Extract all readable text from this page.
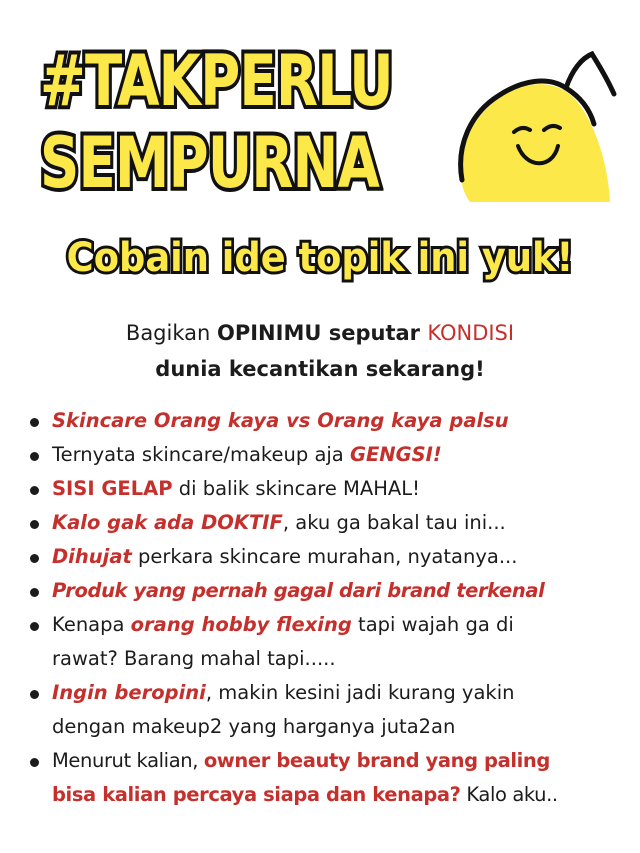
#TAKPERLU
SEMPURNA
Cobain ide topik ini yuk!
Bagikan OPINIMU seputar KONDISI
dunia kecantikan sekarang!
Skincare Orang kaya vs Orang kaya palsu
Ternyata skincare/makeup aja GENGSI!
SISI GELAP di balik skincare MAHAL!
Kalo gak ada DOKTIF, aku ga bakal tau ini...
Dihujat perkara skincare murahan, nyatanya...
Produk yang pernah gagal dari brand terkenal
Kenapa orang hobby flexing tapi wajah ga di
rawat? Barang mahal tapi.....
Ingin beropini, makin kesini jadi kurang yakin
dengan makeup2 yang harganya juta2an
Menurut kalian, owner beauty brand yang paling
bisa kalian percaya siapa dan kenapa? Kalo aku..
